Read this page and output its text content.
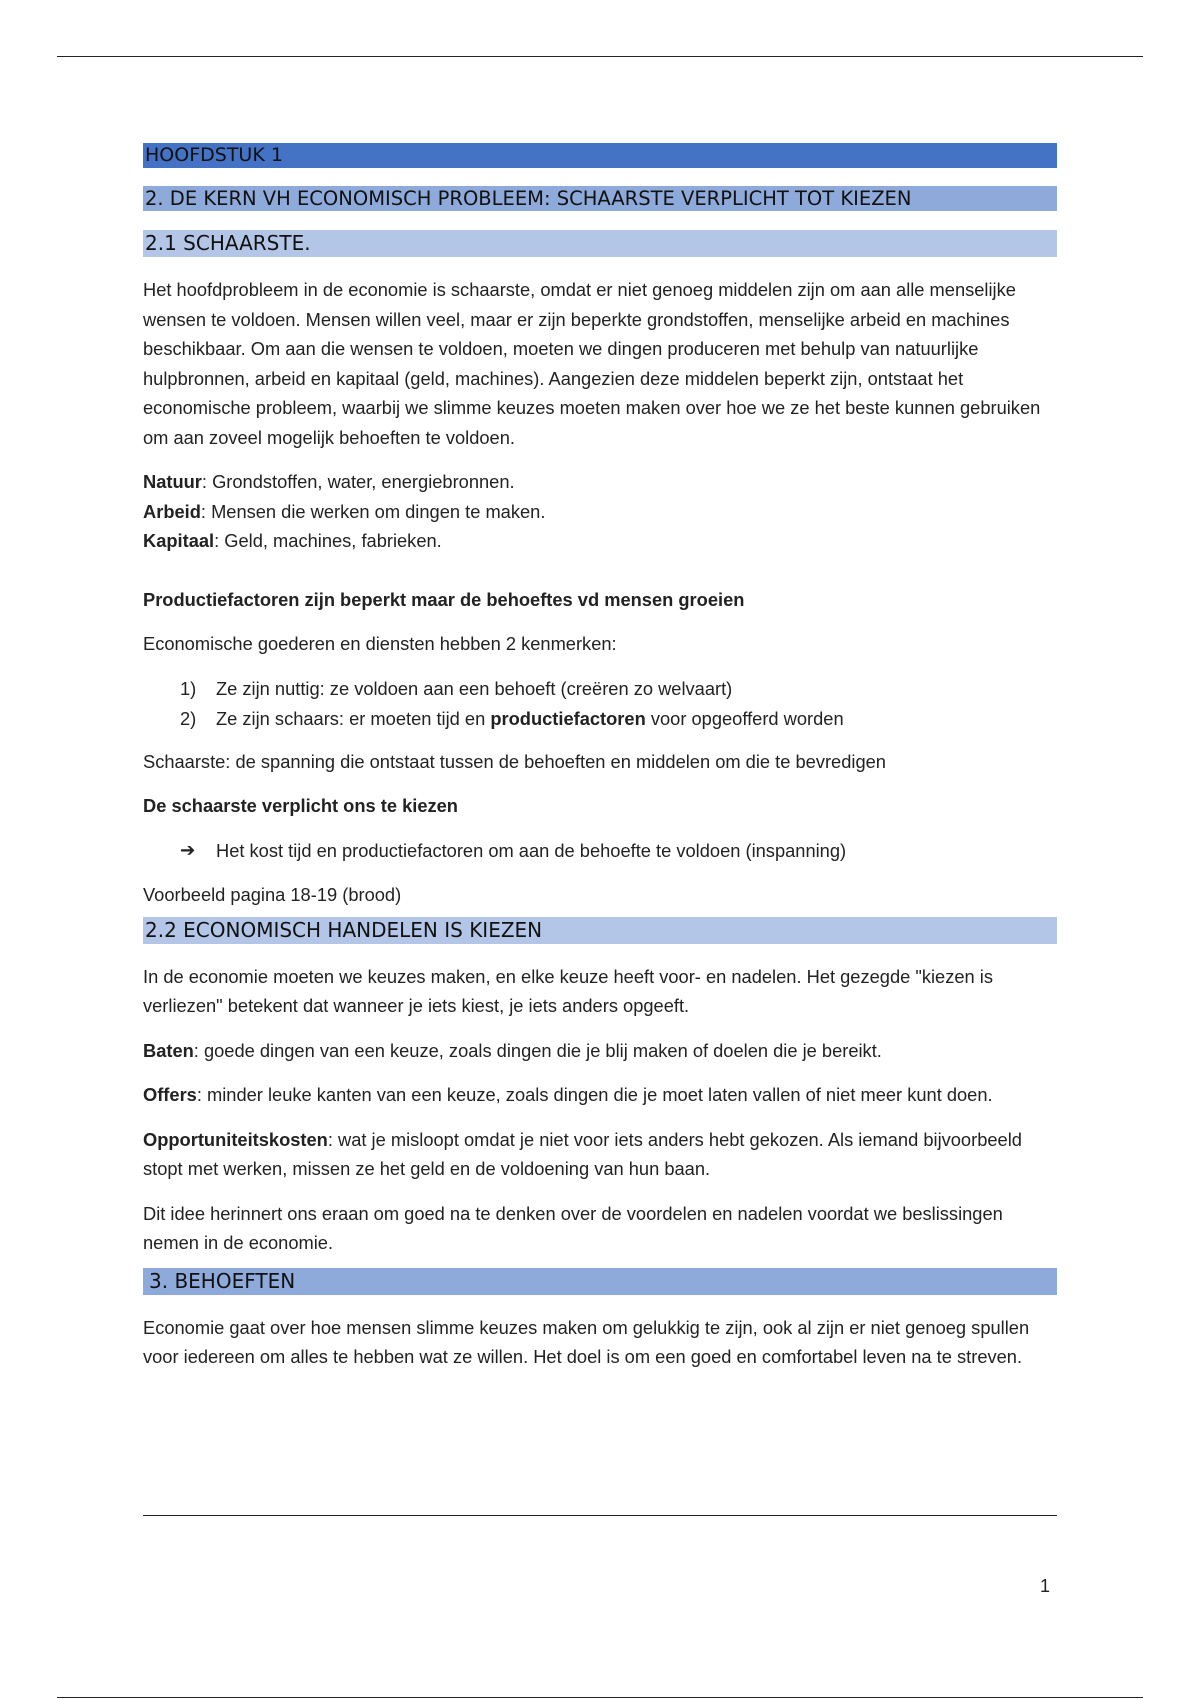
HOOFDSTUK 1
2. DE KERN VH ECONOMISCH PROBLEEM: SCHAARSTE VERPLICHT TOT KIEZEN
2.1 SCHAARSTE.

Het hoofdprobleem in de economie is schaarste, omdat er niet genoeg middelen zijn om aan alle menselijke wensen te voldoen. Mensen willen veel, maar er zijn beperkte grondstoffen, menselijke arbeid en machines beschikbaar. Om aan die wensen te voldoen, moeten we dingen produceren met behulp van natuurlijke hulpbronnen, arbeid en kapitaal (geld, machines). Aangezien deze middelen beperkt zijn, ontstaat het economische probleem, waarbij we slimme keuzes moeten maken over hoe we ze het beste kunnen gebruiken om aan zoveel mogelijk behoeften te voldoen.

Natuur: Grondstoffen, water, energiebronnen.

Arbeid: Mensen die werken om dingen te maken.

Kapitaal: Geld, machines, fabrieken.

Productiefactoren zijn beperkt maar de behoeftes vd mensen groeien

Economische goederen en diensten hebben 2 kenmerken:

1)	Ze zijn nuttig: ze voldoen aan een behoeft (creëren zo welvaart)
2)	Ze zijn schaars: er moeten tijd en productiefactoren voor opgeofferd worden

Schaarste: de spanning die ontstaat tussen de behoeften en middelen om die te bevredigen

De schaarste verplicht ons te kiezen

➔	Het kost tijd en productiefactoren om aan de behoefte te voldoen (inspanning)

Voorbeeld pagina 18-19 (brood)

2.2 ECONOMISCH HANDELEN IS KIEZEN

In de economie moeten we keuzes maken, en elke keuze heeft voor- en nadelen. Het gezegde "kiezen is verliezen" betekent dat wanneer je iets kiest, je iets anders opgeeft.

Baten: goede dingen van een keuze, zoals dingen die je blij maken of doelen die je bereikt.

Offers: minder leuke kanten van een keuze, zoals dingen die je moet laten vallen of niet meer kunt doen.

Opportuniteitskosten: wat je misloopt omdat je niet voor iets anders hebt gekozen. Als iemand bijvoorbeeld stopt met werken, missen ze het geld en de voldoening van hun baan.

Dit idee herinnert ons eraan om goed na te denken over de voordelen en nadelen voordat we beslissingen nemen in de economie.

3. BEHOEFTEN

Economie gaat over hoe mensen slimme keuzes maken om gelukkig te zijn, ook al zijn er niet genoeg spullen voor iedereen om alles te hebben wat ze willen. Het doel is om een goed en comfortabel leven na te streven.

1
